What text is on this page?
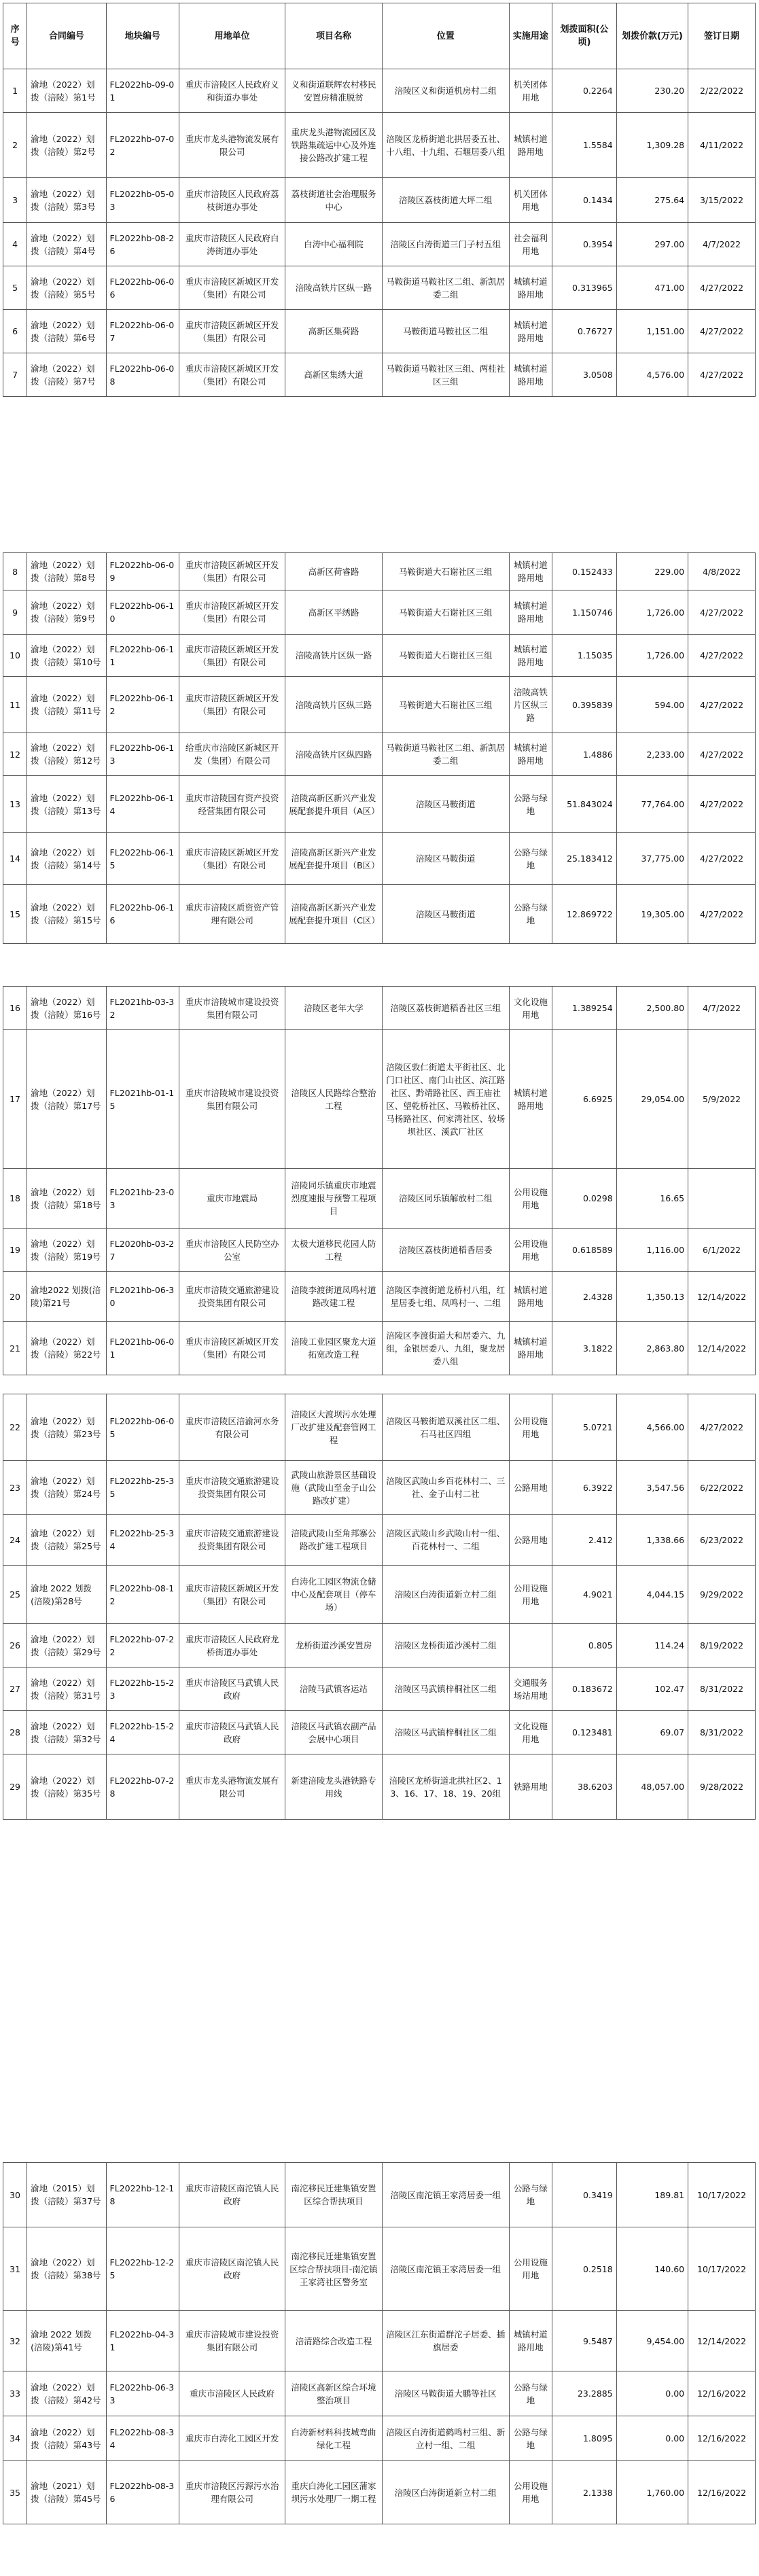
序号	合同编号	地块编号	用地单位	项目名称	位置	实施用途	划拨面积(公顷)	划拨价款(万元)	签订日期
1	渝地（2022）划拨（涪陵）第1号	FL2022hb-09-01	重庆市涪陵区人民政府义和街道办事处	义和街道联辉农村移民安置房精准脱贫	涪陵区义和街道机房村二组	机关团体用地	0.2264	230.20	2/22/2022
2	渝地（2022）划拨（涪陵）第2号	FL2022hb-07-02	重庆市龙头港物流发展有限公司	重庆龙头港物流园区及铁路集疏运中心及外连接公路改扩建工程	涪陵区龙桥街道北拱居委五社、十八组、十九组、石堰居委八组	城镇村道路用地	1.5584	1,309.28	4/11/2022
3	渝地（2022）划拨（涪陵）第3号	FL2022hb-05-03	重庆市涪陵区人民政府荔枝街道办事处	荔枝街道社会治理服务中心	涪陵区荔枝街道大坪二组	机关团体用地	0.1434	275.64	3/15/2022
4	渝地（2022）划拨（涪陵）第4号	FL2022hb-08-26	重庆市涪陵区人民政府白涛街道办事处	白涛中心福利院	涪陵区白涛街道三门子村五组	社会福利用地	0.3954	297.00	4/7/2022
5	渝地（2022）划拨（涪陵）第5号	FL2022hb-06-06	重庆市涪陵区新城区开发（集团）有限公司	涪陵高铁片区纵一路	马鞍街道马鞍社区二组、新凯居委二组	城镇村道路用地	0.313965	471.00	4/27/2022
6	渝地（2022）划拨（涪陵）第6号	FL2022hb-06-07	重庆市涪陵区新城区开发（集团）有限公司	高新区集荷路	马鞍街道马鞍社区二组	城镇村道路用地	0.76727	1,151.00	4/27/2022
7	渝地（2022）划拨（涪陵）第7号	FL2022hb-06-08	重庆市涪陵区新城区开发（集团）有限公司	高新区集绣大道	马鞍街道马鞍社区三组、两桂社区三组	城镇村道路用地	3.0508	4,576.00	4/27/2022
8	渝地（2022）划拨（涪陵）第8号	FL2022hb-06-09	重庆市涪陵区新城区开发（集团）有限公司	高新区荷睿路	马鞍街道大石谢社区三组	城镇村道路用地	0.152433	229.00	4/8/2022
9	渝地（2022）划拨（涪陵）第9号	FL2022hb-06-10	重庆市涪陵区新城区开发（集团）有限公司	高新区平绣路	马鞍街道大石谢社区三组	城镇村道路用地	1.150746	1,726.00	4/27/2022
10	渝地（2022）划拨（涪陵）第10号	FL2022hb-06-11	重庆市涪陵区新城区开发（集团）有限公司	涪陵高铁片区纵一路	马鞍街道大石谢社区三组	城镇村道路用地	1.15035	1,726.00	4/27/2022
11	渝地（2022）划拨（涪陵）第11号	FL2022hb-06-12	重庆市涪陵区新城区开发（集团）有限公司	涪陵高铁片区纵三路	马鞍街道大石谢社区三组	涪陵高铁片区纵三路	0.395839	594.00	4/27/2022
12	渝地（2022）划拨（涪陵）第12号	FL2022hb-06-13	给重庆市涪陵区新城区开发（集团）有限公司	涪陵高铁片区纵四路	马鞍街道马鞍社区二组、新凯居委二组	城镇村道路用地	1.4886	2,233.00	4/27/2022
13	渝地（2022）划拨（涪陵）第13号	FL2022hb-06-14	重庆市涪陵国有资产投资经营集团有限公司	涪陵高新区新兴产业发展配套提升项目（A区）	涪陵区马鞍街道	公路与绿地	51.843024	77,764.00	4/27/2022
14	渝地（2022）划拨（涪陵）第14号	FL2022hb-06-15	重庆市涪陵区新城区开发（集团）有限公司	涪陵高新区新兴产业发展配套提升项目（B区）	涪陵区马鞍街道	公路与绿地	25.183412	37,775.00	4/27/2022
15	渝地（2022）划拨（涪陵）第15号	FL2022hb-06-16	重庆市涪陵区质资资产管理有限公司	涪陵高新区新兴产业发展配套提升项目（C区）	涪陵区马鞍街道	公路与绿地	12.869722	19,305.00	4/27/2022
16	渝地（2022）划拨（涪陵）第16号	FL2021hb-03-32	重庆市涪陵城市建设投资集团有限公司	涪陵区老年大学	涪陵区荔枝街道稻香社区三组	文化设施用地	1.389254	2,500.80	4/7/2022
17	渝地（2022）划拨（涪陵）第17号	FL2021hb-01-15	重庆市涪陵城市建设投资集团有限公司	涪陵区人民路综合整治工程	涪陵区敦仁街道太平街社区、北门口社区、南门山社区、滨江路社区、黔靖路社区、西王庙社区、望乾桥社区、马鞍桥社区、马杨路社区、何家湾社区、较场坝社区、溪武厂社区	城镇村道路用地	6.6925	29,054.00	5/9/2022
18	渝地（2022）划拨（涪陵）第18号	FL2021hb-23-03	重庆市地震局	涪陵同乐镇重庆市地震烈度速报与预警工程项目	涪陵区同乐镇解放村二组	公用设施用地	0.0298	16.65	
19	渝地（2022）划拨（涪陵）第19号	FL2020hb-03-27	重庆市涪陵区人民防空办公室	太极大道移民花园人防工程	涪陵区荔枝街道稻香居委	公用设施用地	0.618589	1,116.00	6/1/2022
20	渝地2022 划拨(涪陵)第21号	FL2021hb-06-30	重庆市涪陵交通旅游建设投资集团有限公司	涪陵李渡街道凤鸣村道路改建工程	涪陵区李渡街道龙桥村八组，红星居委七组、凤鸣村一、二组	城镇村道路用地	2.4328	1,350.13	12/14/2022
21	渝地（2022）划拨（涪陵）第22号	FL2021hb-06-01	重庆市涪陵区新城区开发（集团）有限公司	涪陵工业园区聚龙大道拓宽改造工程	涪陵区李渡街道大和居委六、九组，金银居委八、九组，聚龙居委八组	城镇村道路用地	3.1822	2,863.80	12/14/2022
22	渝地（2022）划拨（涪陵）第23号	FL2022hb-06-05	重庆市涪陵区涪渝河水务有限公司	涪陵区大渡坝污水处理厂改扩建及配套管网工程	涪陵区马鞍街道双溪社区二组、石马社区四组	公用设施用地	5.0721	4,566.00	4/27/2022
23	渝地（2022）划拨（涪陵）第24号	FL2022hb-25-35	重庆市涪陵交通旅游建设投资集团有限公司	武陵山旅游景区基础设施（武陵山至金子山公路改扩建）	涪陵区武陵山乡百花林村二、三社、金子山村二社	公路用地	6.3922	3,547.56	6/22/2022
24	渝地（2022）划拨（涪陵）第25号	FL2022hb-25-34	重庆市涪陵交通旅游建设投资集团有限公司	涪陵武陵山至角邦寨公路改扩建工程项目	涪陵区武陵山乡武陵山村一组、百花林村一、二组	公路用地	2.412	1,338.66	6/23/2022
25	渝地 2022 划拨(涪陵)第28号	FL2022hb-08-12	重庆市涪陵区新城区开发（集团）有限公司	白涛化工园区物流仓储中心及配套项目（停车场）	涪陵区白涛街道新立村二组	公用设施用地	4.9021	4,044.15	9/29/2022
26	渝地（2022）划拨（涪陵）第29号	FL2022hb-07-22	重庆市涪陵区人民政府龙桥街道办事处	龙桥街道沙溪安置房	涪陵区龙桥街道沙溪村二组		0.805	114.24	8/19/2022
27	渝地（2022）划拨（涪陵）第31号	FL2022hb-15-23	重庆市涪陵区马武镇人民政府	涪陵马武镇客运站	涪陵区马武镇梓桐社区二组	交通服务场站用地	0.183672	102.47	8/31/2022
28	渝地（2022）划拨（涪陵）第32号	FL2022hb-15-24	重庆市涪陵区马武镇人民政府	涪陵区马武镇农副产品会展中心项目	涪陵区马武镇梓桐社区二组	文化设施用地	0.123481	69.07	8/31/2022
29	渝地（2022）划拨（涪陵）第35号	FL2022hb-07-28	重庆市龙头港物流发展有限公司	新建涪陵龙头港铁路专用线	涪陵区龙桥街道北拱社区2、13、16、17、18、19、20组	铁路用地	38.6203	48,057.00	9/28/2022
30	渝地（2015）划拨（涪陵）第37号	FL2022hb-12-18	重庆市涪陵区南沱镇人民政府	南沱移民迁建集镇安置区综合帮扶项目	涪陵区南沱镇王家湾居委一组	公路与绿地	0.3419	189.81	10/17/2022
31	渝地（2022）划拨（涪陵）第38号	FL2022hb-12-25	重庆市涪陵区南沱镇人民政府	南沱移民迁建集镇安置区综合帮扶项目-南沱镇王家湾社区警务室	涪陵区南沱镇王家湾居委一组	公用设施用地	0.2518	140.60	10/17/2022
32	渝地 2022 划拨(涪陵)第41号	FL2022hb-04-31	重庆市涪陵城市建设投资集团有限公司	涪清路综合改造工程	涪陵区江东街道群沱子居委、插旗居委	城镇村道路用地	9.5487	9,454.00	12/14/2022
33	渝地（2022）划拨（涪陵）第42号	FL2022hb-06-33	重庆市涪陵区人民政府	涪陵区高新区综合环境整治项目	涪陵区马鞍街道大鹏等社区	公路与绿地	23.2885	0.00	12/16/2022
34	渝地（2022）划拨（涪陵）第43号	FL2022hb-08-34	重庆市白涛化工园区开发	白涛新材料科技城弯曲绿化工程	涪陵区白涛街道鹤鸣村三组、新立村一组、二组	公路与绿地	1.8095	0.00	12/16/2022
35	渝地（2021）划拨（涪陵）第45号	FL2022hb-08-36	重庆市涪陵区污源污水治理有限公司	重庆白涛化工园区蒲家坝污水处理厂一期工程	涪陵区白涛街道新立村二组	公用设施用地	2.1338	1,760.00	12/16/2022
